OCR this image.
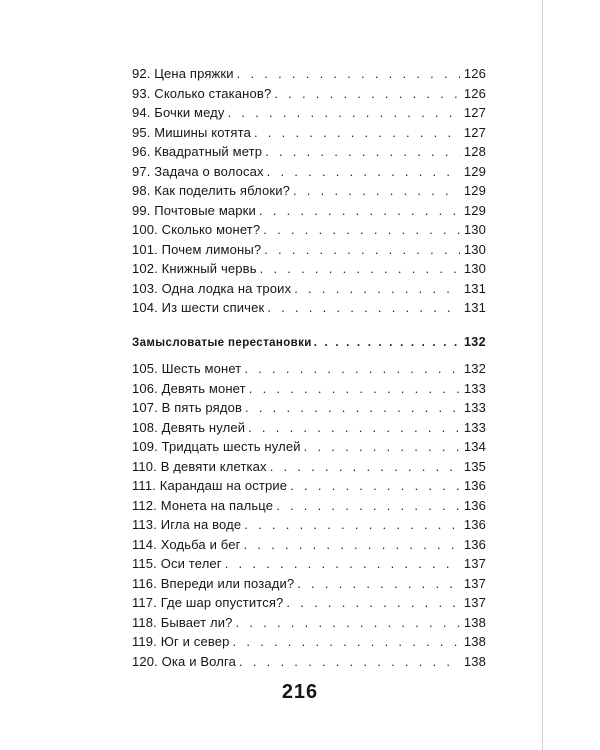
92. Цена пряжки . . .	126
93. Сколько стаканов? . . .	126
94. Бочки меду . . .	127
95. Мишины котята . . .	127
96. Квадратный метр . . .	128
97. Задача о волосах . . .	129
98. Как поделить яблоки? . . .	129
99. Почтовые марки . . .	129
100. Сколько монет? . . .	130
101. Почем лимоны? . . .	130
102. Книжный червь . . .	130
103. Одна лодка на троих . . .	131
104. Из шести спичек . . .	131
Замысловатые перестановки . . .	132
105. Шесть монет . . .	132
106. Девять монет . . .	133
107. В пять рядов . . .	133
108. Девять нулей . . .	133
109. Тридцать шесть нулей . . .	134
110. В девяти клетках . . .	135
111. Карандаш на острие . . .	136
112. Монета на пальце . . .	136
113. Игла на воде . . .	136
114. Ходьба и бег . . .	136
115. Оси телег . . .	137
116. Впереди или позади? . . .	137
117. Где шар опустится? . . .	137
118. Бывает ли? . . .	138
119. Юг и север . . .	138
120. Ока и Волга . . .	138
216
